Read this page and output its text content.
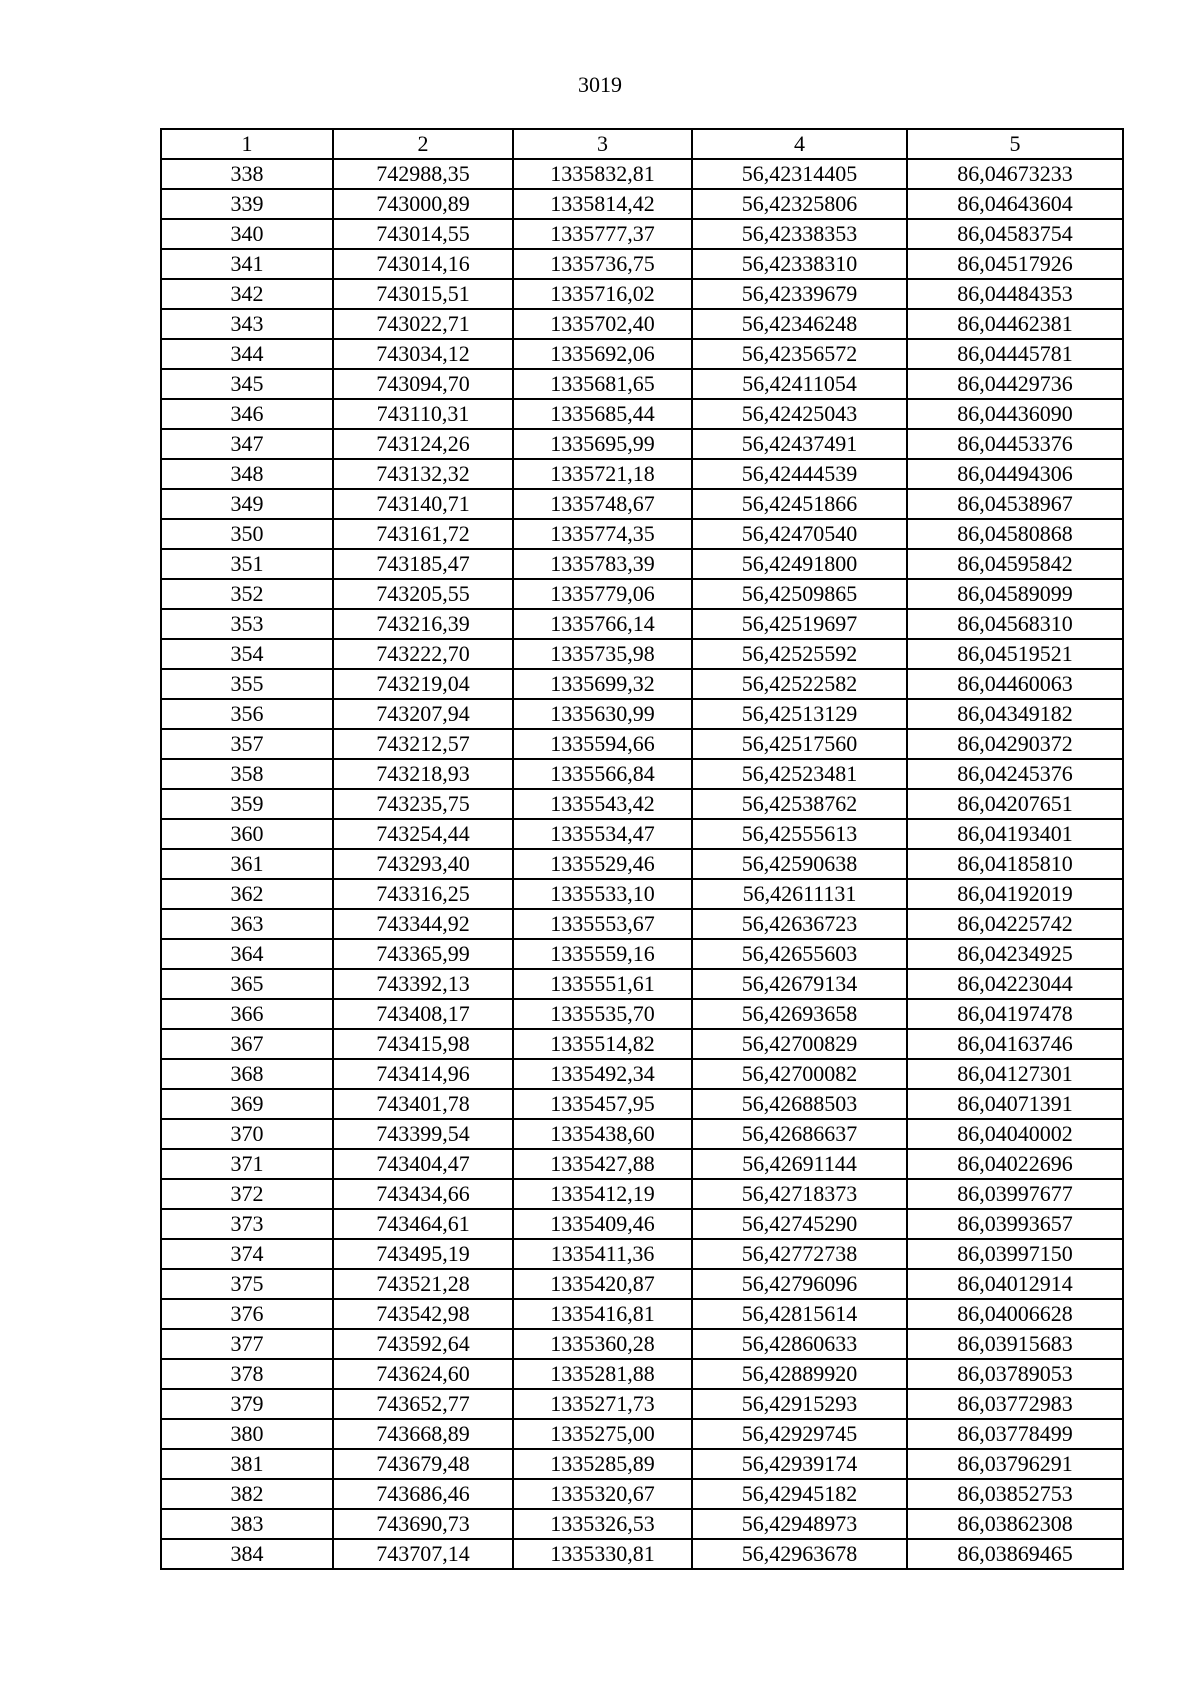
3019
1	2	3	4	5
338	742988,35	1335832,81	56,42314405	86,04673233
339	743000,89	1335814,42	56,42325806	86,04643604
340	743014,55	1335777,37	56,42338353	86,04583754
341	743014,16	1335736,75	56,42338310	86,04517926
342	743015,51	1335716,02	56,42339679	86,04484353
343	743022,71	1335702,40	56,42346248	86,04462381
344	743034,12	1335692,06	56,42356572	86,04445781
345	743094,70	1335681,65	56,42411054	86,04429736
346	743110,31	1335685,44	56,42425043	86,04436090
347	743124,26	1335695,99	56,42437491	86,04453376
348	743132,32	1335721,18	56,42444539	86,04494306
349	743140,71	1335748,67	56,42451866	86,04538967
350	743161,72	1335774,35	56,42470540	86,04580868
351	743185,47	1335783,39	56,42491800	86,04595842
352	743205,55	1335779,06	56,42509865	86,04589099
353	743216,39	1335766,14	56,42519697	86,04568310
354	743222,70	1335735,98	56,42525592	86,04519521
355	743219,04	1335699,32	56,42522582	86,04460063
356	743207,94	1335630,99	56,42513129	86,04349182
357	743212,57	1335594,66	56,42517560	86,04290372
358	743218,93	1335566,84	56,42523481	86,04245376
359	743235,75	1335543,42	56,42538762	86,04207651
360	743254,44	1335534,47	56,42555613	86,04193401
361	743293,40	1335529,46	56,42590638	86,04185810
362	743316,25	1335533,10	56,42611131	86,04192019
363	743344,92	1335553,67	56,42636723	86,04225742
364	743365,99	1335559,16	56,42655603	86,04234925
365	743392,13	1335551,61	56,42679134	86,04223044
366	743408,17	1335535,70	56,42693658	86,04197478
367	743415,98	1335514,82	56,42700829	86,04163746
368	743414,96	1335492,34	56,42700082	86,04127301
369	743401,78	1335457,95	56,42688503	86,04071391
370	743399,54	1335438,60	56,42686637	86,04040002
371	743404,47	1335427,88	56,42691144	86,04022696
372	743434,66	1335412,19	56,42718373	86,03997677
373	743464,61	1335409,46	56,42745290	86,03993657
374	743495,19	1335411,36	56,42772738	86,03997150
375	743521,28	1335420,87	56,42796096	86,04012914
376	743542,98	1335416,81	56,42815614	86,04006628
377	743592,64	1335360,28	56,42860633	86,03915683
378	743624,60	1335281,88	56,42889920	86,03789053
379	743652,77	1335271,73	56,42915293	86,03772983
380	743668,89	1335275,00	56,42929745	86,03778499
381	743679,48	1335285,89	56,42939174	86,03796291
382	743686,46	1335320,67	56,42945182	86,03852753
383	743690,73	1335326,53	56,42948973	86,03862308
384	743707,14	1335330,81	56,42963678	86,03869465
